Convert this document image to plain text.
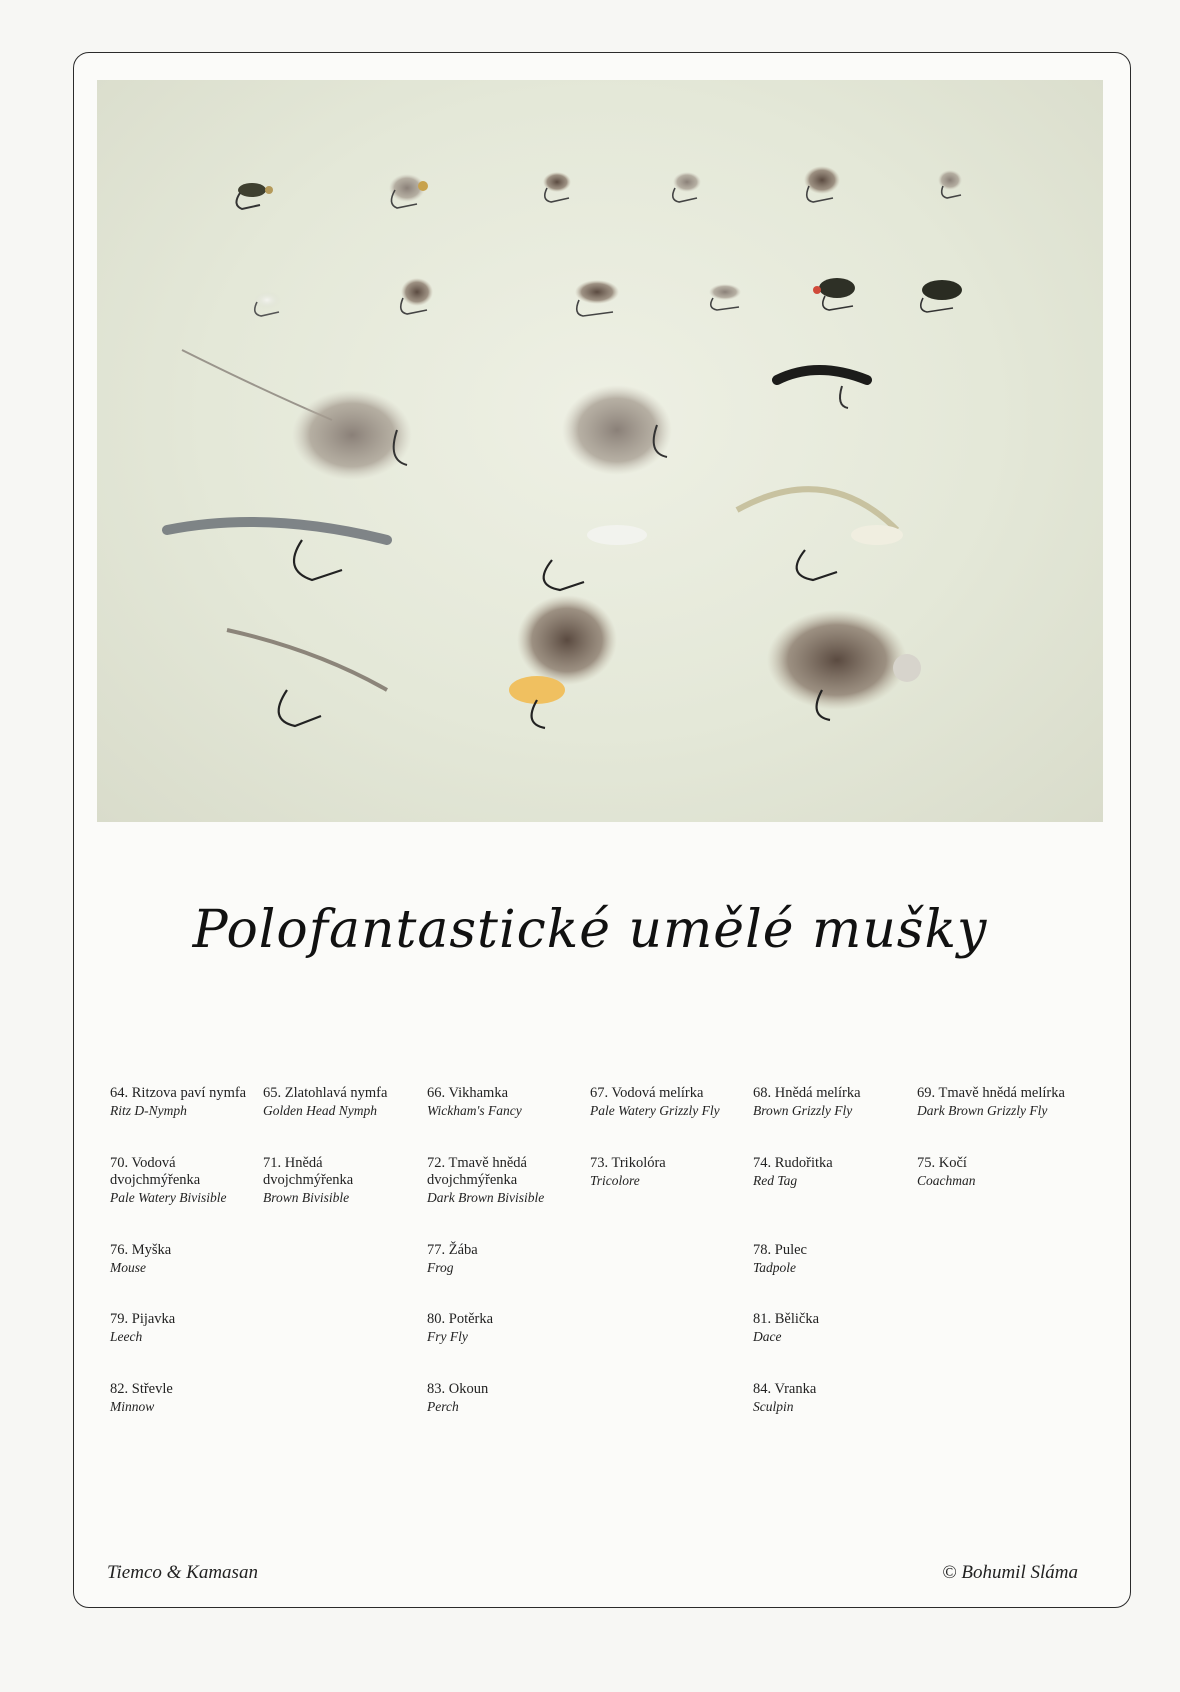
Polofantastické umělé mušky
64. Ritzova paví nymfa
Ritz D-Nymph
65. Zlatohlavá nymfa
Golden Head Nymph
66. Vikhamka
Wickham's Fancy
67. Vodová melírka
Pale Watery Grizzly Fly
68. Hnědá melírka
Brown Grizzly Fly
69. Tmavě hnědá melírka
Dark Brown Grizzly Fly
70. Vodová dvojchmýřenka
Pale Watery Bivisible
71. Hnědá dvojchmýřenka
Brown Bivisible
72. Tmavě hnědá dvojchmýřenka
Dark Brown Bivisible
73. Trikolóra
Tricolore
74. Rudořitka
Red Tag
75. Kočí
Coachman
76. Myška
Mouse
77. Žába
Frog
78. Pulec
Tadpole
79. Pijavka
Leech
80. Potěrka
Fry Fly
81. Bělička
Dace
82. Střevle
Minnow
83. Okoun
Perch
84. Vranka
Sculpin
Tiemco & Kamasan	© Bohumil Sláma
